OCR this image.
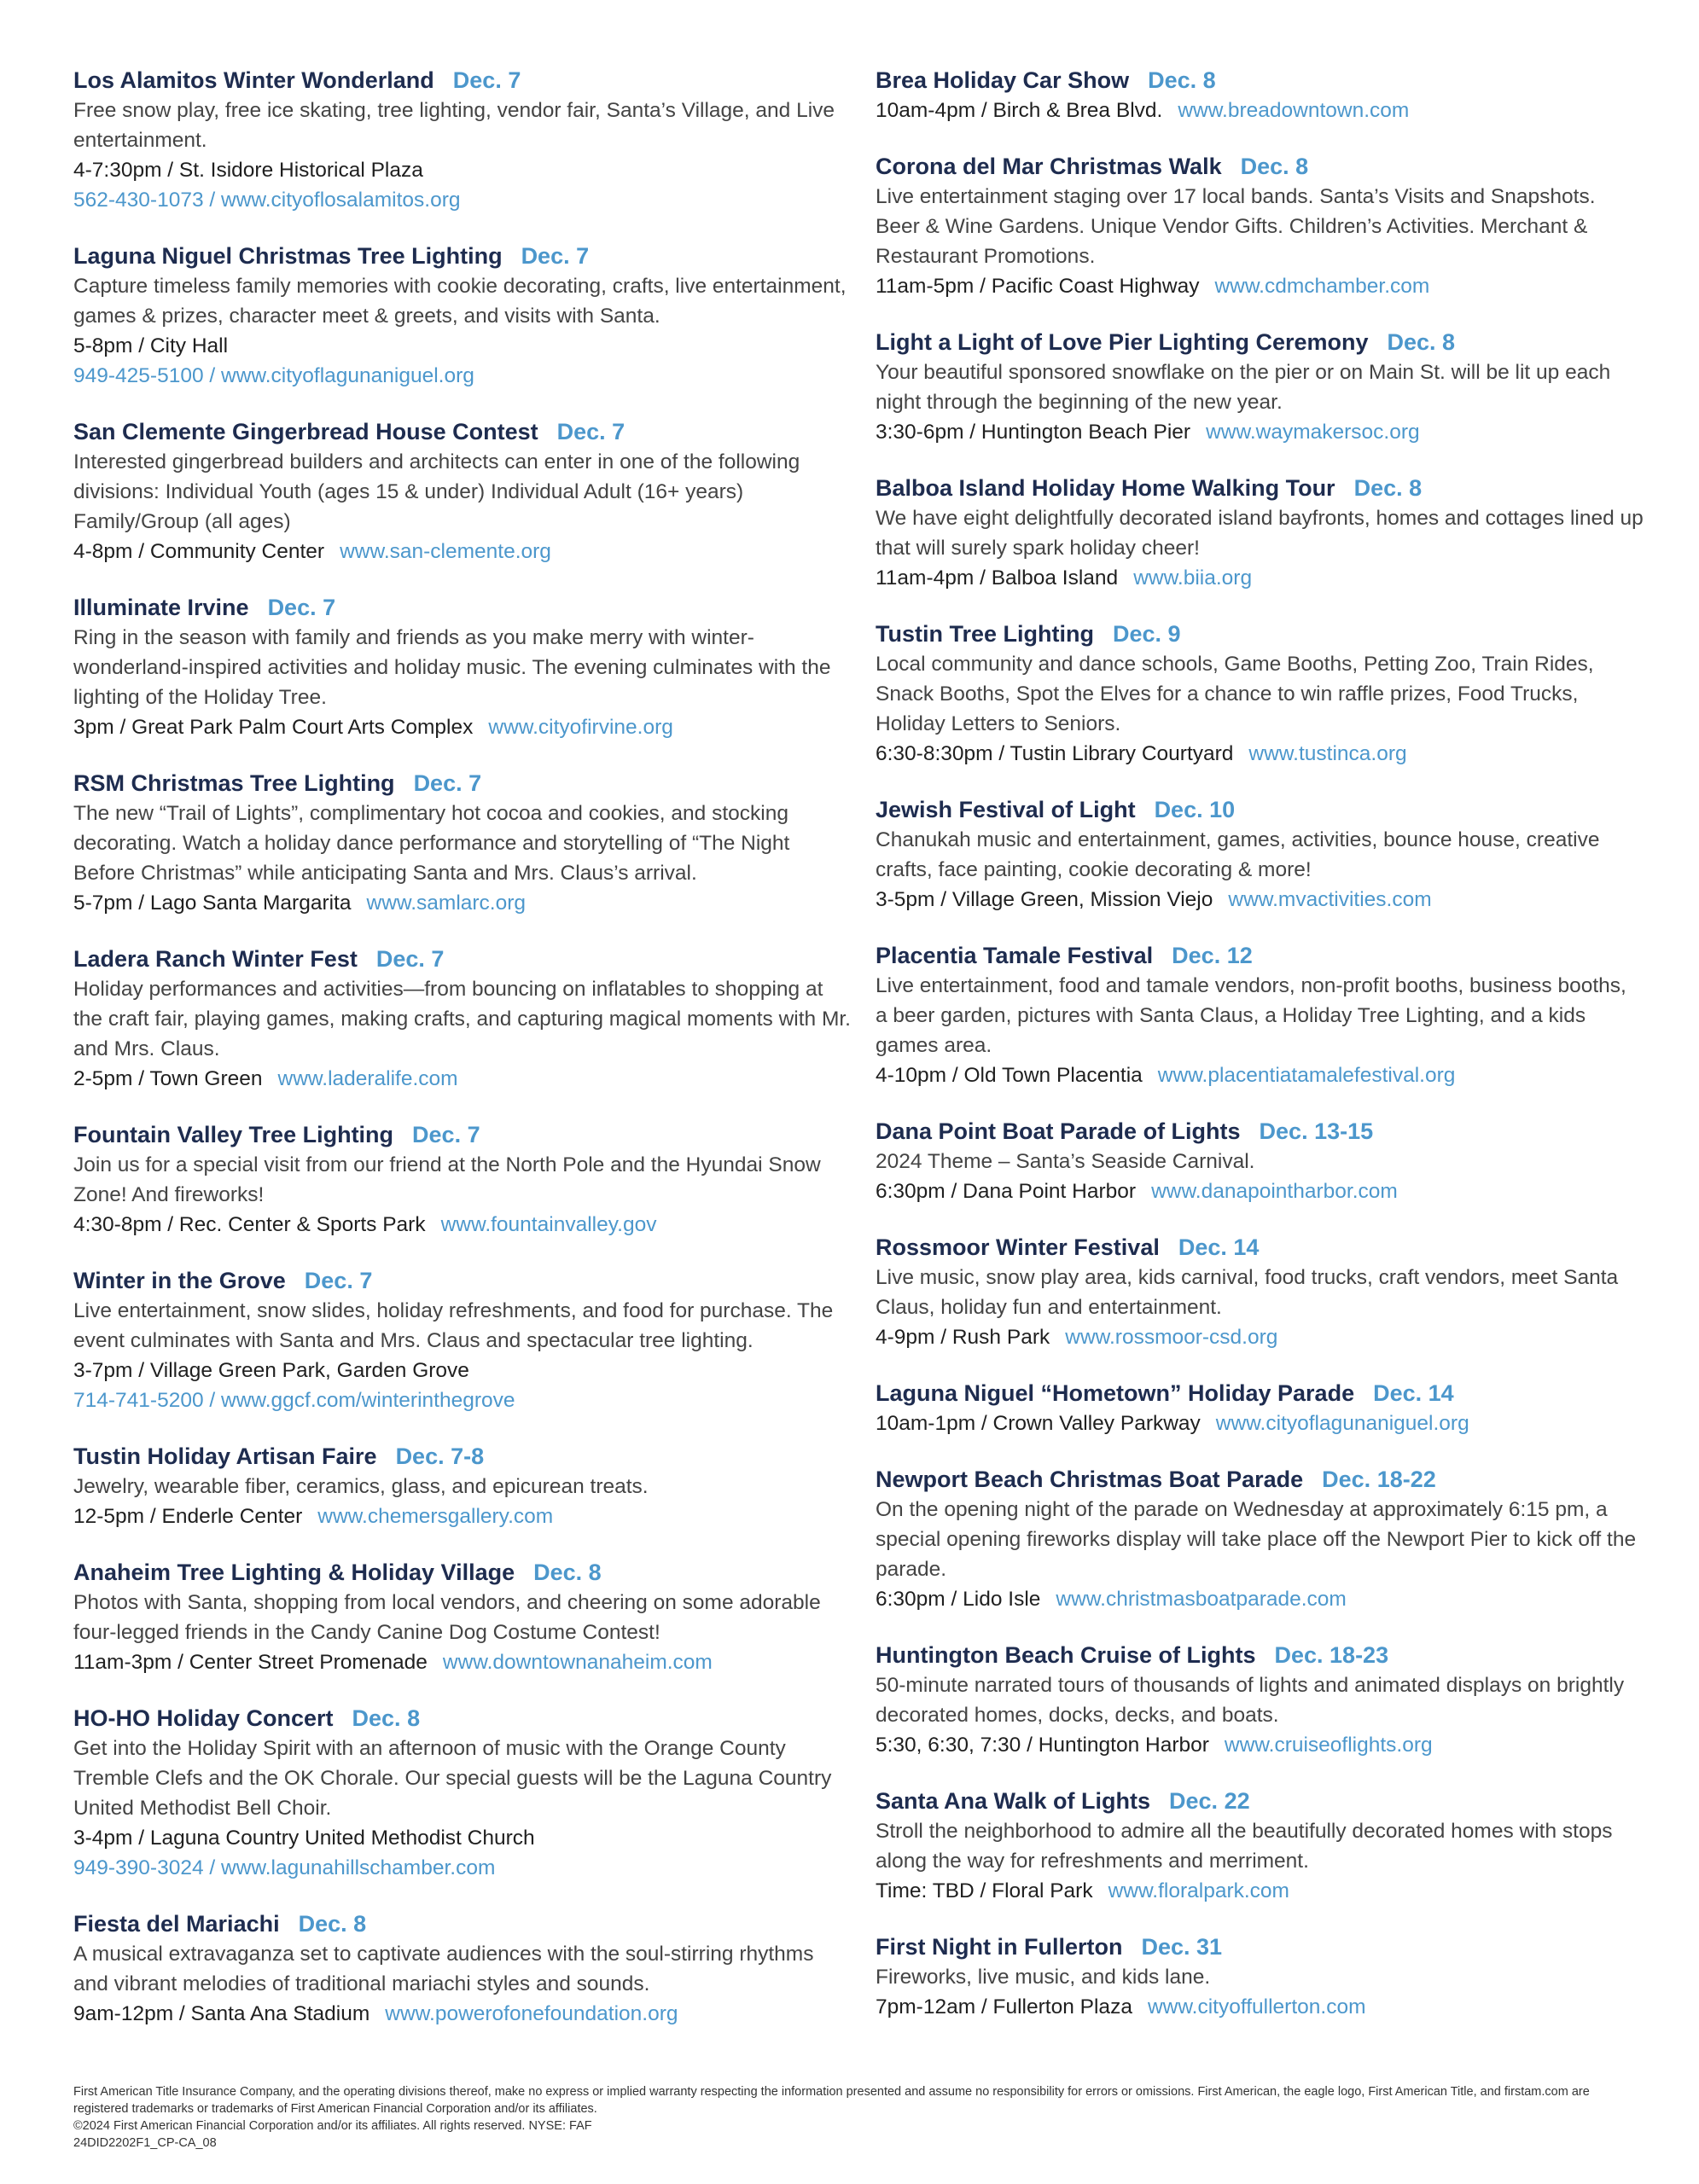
Los Alamitos Winter Wonderland Dec. 7
Free snow play, free ice skating, tree lighting, vendor fair, Santa’s Village, and Live entertainment.
4-7:30pm / St. Isidore Historical Plaza
562-430-1073 / www.cityoflosalamitos.org
Laguna Niguel Christmas Tree Lighting Dec. 7
Capture timeless family memories with cookie decorating, crafts, live entertainment, games & prizes, character meet & greets, and visits with Santa.
5-8pm / City Hall
949-425-5100 / www.cityoflagunaniguel.org
San Clemente Gingerbread House Contest Dec. 7
Interested gingerbread builders and architects can enter in one of the following divisions: Individual Youth (ages 15 & under) Individual Adult (16+ years) Family/Group (all ages)
4-8pm / Community Center www.san-clemente.org
Illuminate Irvine Dec. 7
Ring in the season with family and friends as you make merry with winter-wonderland-inspired activities and holiday music. The evening culminates with the lighting of the Holiday Tree.
3pm / Great Park Palm Court Arts Complex www.cityofirvine.org
RSM Christmas Tree Lighting Dec. 7
The new “Trail of Lights”, complimentary hot cocoa and cookies, and stocking decorating. Watch a holiday dance performance and storytelling of “The Night Before Christmas” while anticipating Santa and Mrs. Claus’s arrival.
5-7pm / Lago Santa Margarita www.samlarc.org
Ladera Ranch Winter Fest Dec. 7
Holiday performances and activities—from bouncing on inflatables to shopping at the craft fair, playing games, making crafts, and capturing magical moments with Mr. and Mrs. Claus.
2-5pm / Town Green www.laderalife.com
Fountain Valley Tree Lighting Dec. 7
Join us for a special visit from our friend at the North Pole and the Hyundai Snow Zone! And fireworks!
4:30-8pm / Rec. Center & Sports Park www.fountainvalley.gov
Winter in the Grove Dec. 7
Live entertainment, snow slides, holiday refreshments, and food for purchase. The event culminates with Santa and Mrs. Claus and spectacular tree lighting.
3-7pm / Village Green Park, Garden Grove
714-741-5200 / www.ggcf.com/winterinthegrove
Tustin Holiday Artisan Faire Dec. 7-8
Jewelry, wearable fiber, ceramics, glass, and epicurean treats.
12-5pm / Enderle Center www.chemersgallery.com
Anaheim Tree Lighting & Holiday Village Dec. 8
Photos with Santa, shopping from local vendors, and cheering on some adorable four-legged friends in the Candy Canine Dog Costume Contest!
11am-3pm / Center Street Promenade www.downtownanaheim.com
HO-HO Holiday Concert Dec. 8
Get into the Holiday Spirit with an afternoon of music with the Orange County Tremble Clefs and the OK Chorale. Our special guests will be the Laguna Country United Methodist Bell Choir.
3-4pm / Laguna Country United Methodist Church
949-390-3024 / www.lagunahillschamber.com
Fiesta del Mariachi Dec. 8
A musical extravaganza set to captivate audiences with the soul-stirring rhythms and vibrant melodies of traditional mariachi styles and sounds.
9am-12pm / Santa Ana Stadium www.powerofonefoundation.org
Brea Holiday Car Show Dec. 8
10am-4pm / Birch & Brea Blvd. www.breadowntown.com
Corona del Mar Christmas Walk Dec. 8
Live entertainment staging over 17 local bands. Santa’s Visits and Snapshots. Beer & Wine Gardens. Unique Vendor Gifts. Children’s Activities. Merchant & Restaurant Promotions.
11am-5pm / Pacific Coast Highway www.cdmchamber.com
Light a Light of Love Pier Lighting Ceremony Dec. 8
Your beautiful sponsored snowflake on the pier or on Main St. will be lit up each night through the beginning of the new year.
3:30-6pm / Huntington Beach Pier www.waymakersoc.org
Balboa Island Holiday Home Walking Tour Dec. 8
We have eight delightfully decorated island bayfronts, homes and cottages lined up that will surely spark holiday cheer!
11am-4pm / Balboa Island www.biia.org
Tustin Tree Lighting Dec. 9
Local community and dance schools, Game Booths, Petting Zoo, Train Rides, Snack Booths, Spot the Elves for a chance to win raffle prizes, Food Trucks, Holiday Letters to Seniors.
6:30-8:30pm / Tustin Library Courtyard www.tustinca.org
Jewish Festival of Light Dec. 10
Chanukah music and entertainment, games, activities, bounce house, creative crafts, face painting, cookie decorating & more!
3-5pm / Village Green, Mission Viejo www.mvactivities.com
Placentia Tamale Festival Dec. 12
Live entertainment, food and tamale vendors, non-profit booths, business booths, a beer garden, pictures with Santa Claus, a Holiday Tree Lighting, and a kids games area.
4-10pm / Old Town Placentia www.placentiatamalefestival.org
Dana Point Boat Parade of Lights Dec. 13-15
2024 Theme – Santa’s Seaside Carnival.
6:30pm / Dana Point Harbor www.danapointharbor.com
Rossmoor Winter Festival Dec. 14
Live music, snow play area, kids carnival, food trucks, craft vendors, meet Santa Claus, holiday fun and entertainment.
4-9pm / Rush Park www.rossmoor-csd.org
Laguna Niguel “Hometown” Holiday Parade Dec. 14
10am-1pm / Crown Valley Parkway www.cityoflagunaniguel.org
Newport Beach Christmas Boat Parade Dec. 18-22
On the opening night of the parade on Wednesday at approximately 6:15 pm, a special opening fireworks display will take place off the Newport Pier to kick off the parade.
6:30pm / Lido Isle www.christmasboatparade.com
Huntington Beach Cruise of Lights Dec. 18-23
50-minute narrated tours of thousands of lights and animated displays on brightly decorated homes, docks, decks, and boats.
5:30, 6:30, 7:30 / Huntington Harbor www.cruiseoflights.org
Santa Ana Walk of Lights Dec. 22
Stroll the neighborhood to admire all the beautifully decorated homes with stops along the way for refreshments and merriment.
Time: TBD / Floral Park www.floralpark.com
First Night in Fullerton Dec. 31
Fireworks, live music, and kids lane.
7pm-12am / Fullerton Plaza www.cityoffullerton.com
First American Title Insurance Company, and the operating divisions thereof, make no express or implied warranty respecting the information presented and assume no responsibility for errors or omissions. First American, the eagle logo, First American Title, and firstam.com are registered trademarks or trademarks of First American Financial Corporation and/or its affiliates.
©2024 First American Financial Corporation and/or its affiliates. All rights reserved. NYSE: FAF
24DID2202F1_CP-CA_08
